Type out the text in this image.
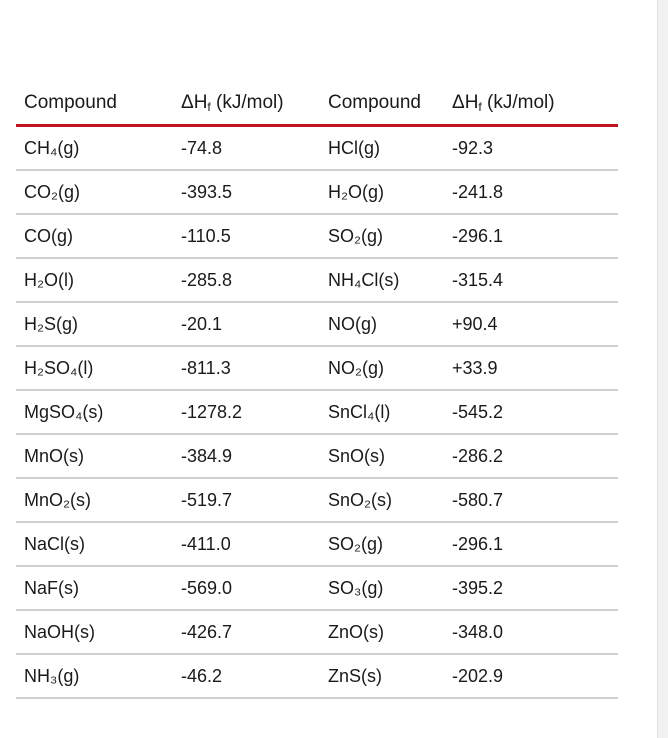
Compound	$\Delta H_f$ (kJ/mol)	Compound	$\Delta H_f$ (kJ/mol)
CH₄(g)	-74.8	HCl(g)	-92.3
CO₂(g)	-393.5	H₂O(g)	-241.8
CO(g)	-110.5	SO₂(g)	-296.1
H₂O(l)	-285.8	NH₄Cl(s)	-315.4
H₂S(g)	-20.1	NO(g)	+90.4
H₂SO₄(l)	-811.3	NO₂(g)	+33.9
MgSO₄(s)	-1278.2	SnCl₄(l)	-545.2
MnO(s)	-384.9	SnO(s)	-286.2
MnO₂(s)	-519.7	SnO₂(s)	-580.7
NaCl(s)	-411.0	SO₂(g)	-296.1
NaF(s)	-569.0	SO₃(g)	-395.2
NaOH(s)	-426.7	ZnO(s)	-348.0
NH₃(g)	-46.2	ZnS(s)	-202.9
